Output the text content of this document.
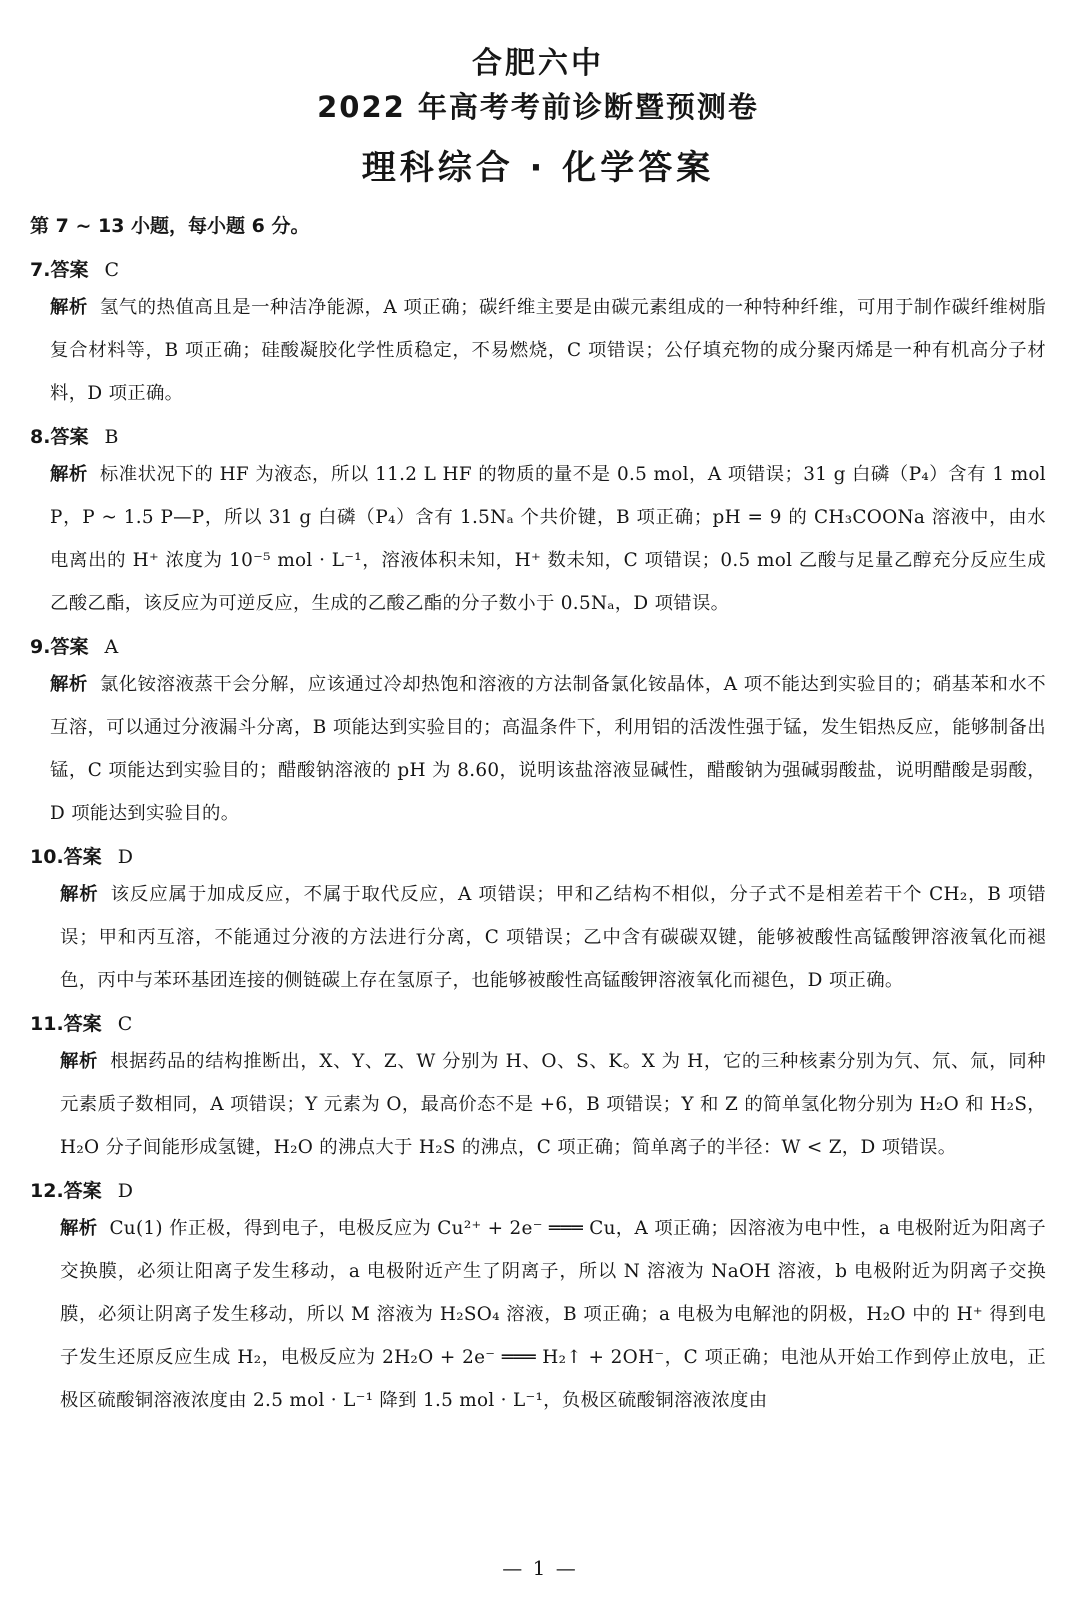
合肥六中
2022 年高考考前诊断暨预测卷
理科综合 · 化学答案
第 7 ~ 13 小题，每小题 6 分。
7.答案 C
解析 氢气的热值高且是一种洁净能源，A 项正确；碳纤维主要是由碳元素组成的一种特种纤维，可用于制作碳纤维树脂复合材料等，B 项正确；硅酸凝胶化学性质稳定，不易燃烧，C 项错误；公仔填充物的成分聚丙烯是一种有机高分子材料，D 项正确。
8.答案 B
解析 标准状况下的 HF 为液态，所以 11.2 L HF 的物质的量不是 0.5 mol，A 项错误；31 g 白磷（P₄）含有 1 mol P，P ~ 1.5 P—P，所以 31 g 白磷（P₄）含有 1.5Nₐ 个共价键，B 项正确；pH = 9 的 CH₃COONa 溶液中，由水电离出的 H⁺ 浓度为 10⁻⁵ mol · L⁻¹，溶液体积未知，H⁺ 数未知，C 项错误；0.5 mol 乙酸与足量乙醇充分反应生成乙酸乙酯，该反应为可逆反应，生成的乙酸乙酯的分子数小于 0.5Nₐ，D 项错误。
9.答案 A
解析 氯化铵溶液蒸干会分解，应该通过冷却热饱和溶液的方法制备氯化铵晶体，A 项不能达到实验目的；硝基苯和水不互溶，可以通过分液漏斗分离，B 项能达到实验目的；高温条件下，利用铝的活泼性强于锰，发生铝热反应，能够制备出锰，C 项能达到实验目的；醋酸钠溶液的 pH 为 8.60，说明该盐溶液显碱性，醋酸钠为强碱弱酸盐，说明醋酸是弱酸，D 项能达到实验目的。
10.答案 D
解析 该反应属于加成反应，不属于取代反应，A 项错误；甲和乙结构不相似，分子式不是相差若干个 CH₂，B 项错误；甲和丙互溶，不能通过分液的方法进行分离，C 项错误；乙中含有碳碳双键，能够被酸性高锰酸钾溶液氧化而褪色，丙中与苯环基团连接的侧链碳上存在氢原子，也能够被酸性高锰酸钾溶液氧化而褪色，D 项正确。
11.答案 C
解析 根据药品的结构推断出，X、Y、Z、W 分别为 H、O、S、K。X 为 H，它的三种核素分别为氕、氘、氚，同种元素质子数相同，A 项错误；Y 元素为 O，最高价态不是 +6，B 项错误；Y 和 Z 的简单氢化物分别为 H₂O 和 H₂S，H₂O 分子间能形成氢键，H₂O 的沸点大于 H₂S 的沸点，C 项正确；简单离子的半径：W < Z，D 项错误。
12.答案 D
解析 Cu(1) 作正极，得到电子，电极反应为 Cu²⁺ + 2e⁻ ═══ Cu，A 项正确；因溶液为电中性，a 电极附近为阳离子交换膜，必须让阳离子发生移动，a 电极附近产生了阴离子，所以 N 溶液为 NaOH 溶液，b 电极附近为阴离子交换膜，必须让阴离子发生移动，所以 M 溶液为 H₂SO₄ 溶液，B 项正确；a 电极为电解池的阴极，H₂O 中的 H⁺ 得到电子发生还原反应生成 H₂，电极反应为 2H₂O + 2e⁻ ═══ H₂↑ + 2OH⁻，C 项正确；电池从开始工作到停止放电，正极区硫酸铜溶液浓度由 2.5 mol · L⁻¹ 降到 1.5 mol · L⁻¹，负极区硫酸铜溶液浓度由
— 1 —
